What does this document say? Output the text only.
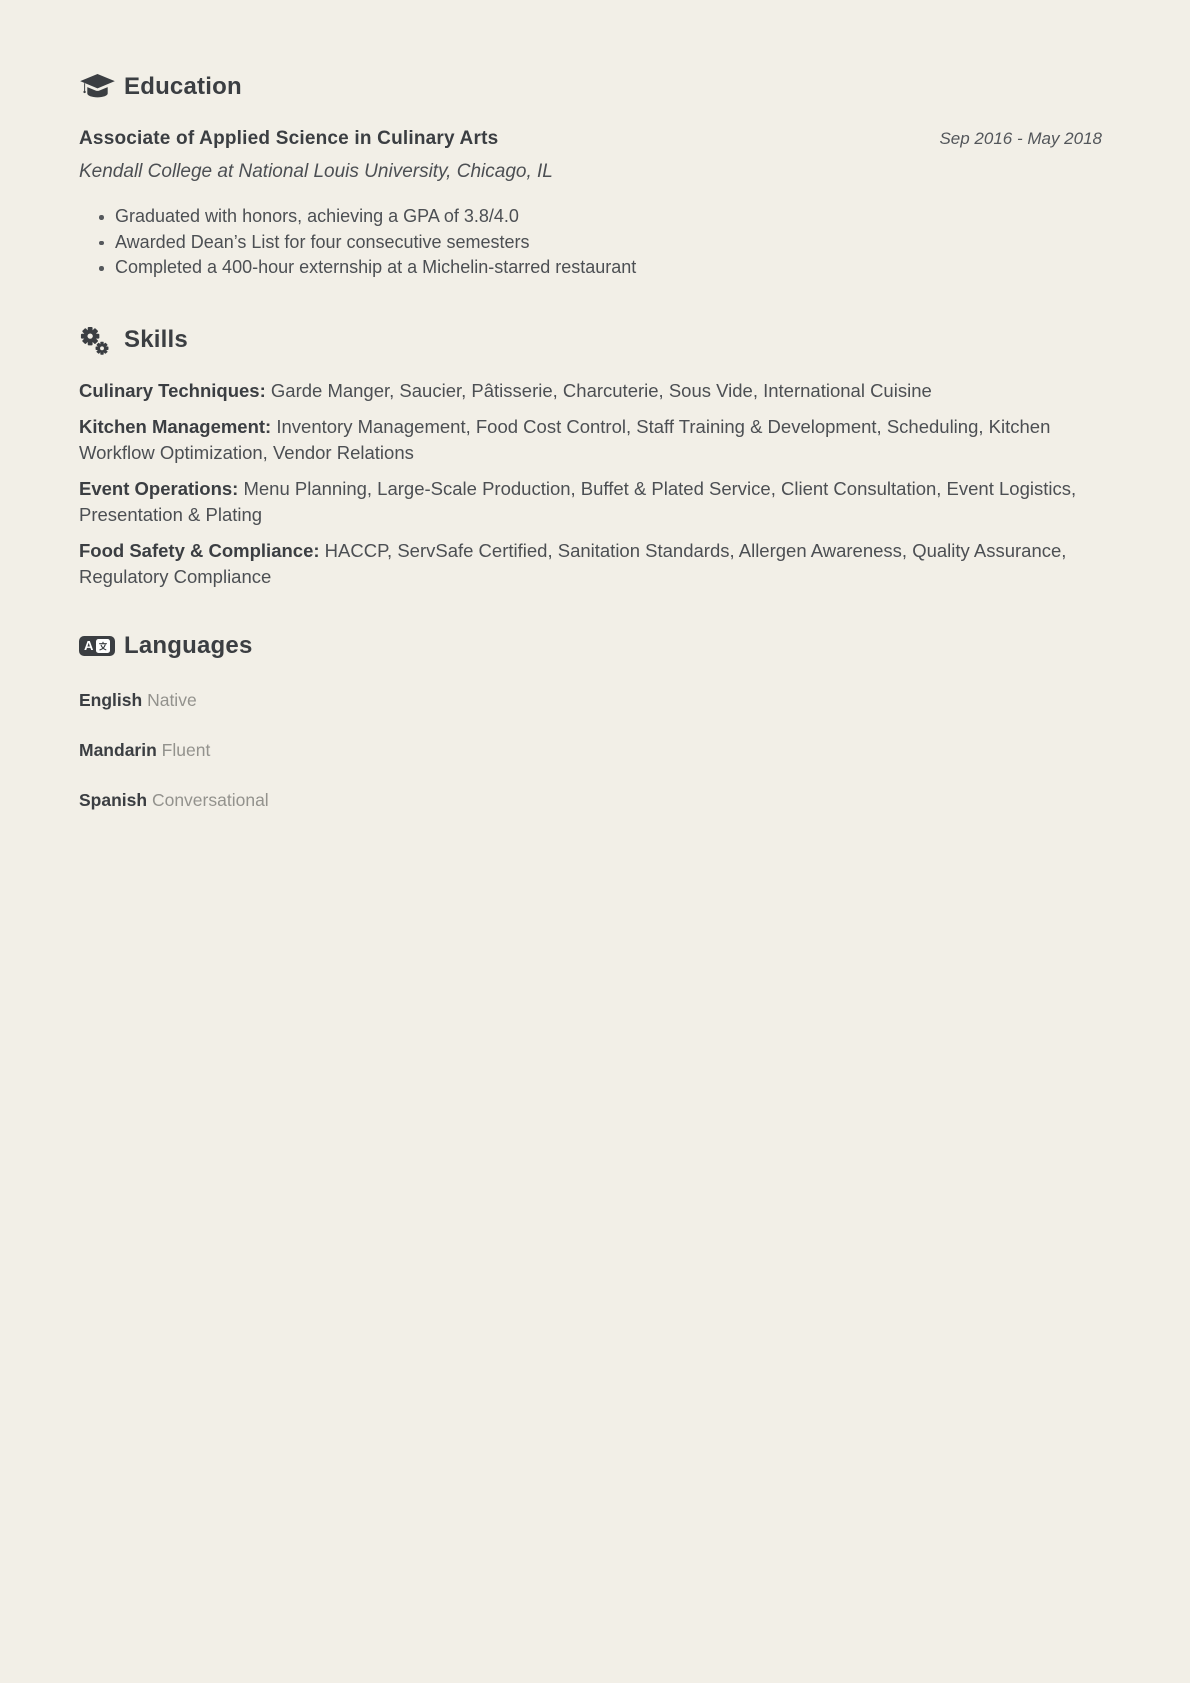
Education
Associate of Applied Science in Culinary Arts	Sep 2016 - May 2018
Kendall College at National Louis University, Chicago, IL
Graduated with honors, achieving a GPA of 3.8/4.0
Awarded Dean’s List for four consecutive semesters
Completed a 400-hour externship at a Michelin-starred restaurant
Skills

Culinary Techniques: Garde Manger, Saucier, Pâtisserie, Charcuterie, Sous Vide, International Cuisine

Kitchen Management: Inventory Management, Food Cost Control, Staff Training & Development, Scheduling, Kitchen Workflow Optimization, Vendor Relations

Event Operations: Menu Planning, Large-Scale Production, Buffet & Plated Service, Client Consultation, Event Logistics, Presentation & Plating

Food Safety & Compliance: HACCP, ServSafe Certified, Sanitation Standards, Allergen Awareness, Quality Assurance, Regulatory Compliance

A Languages
English Native
Mandarin Fluent
Spanish Conversational
